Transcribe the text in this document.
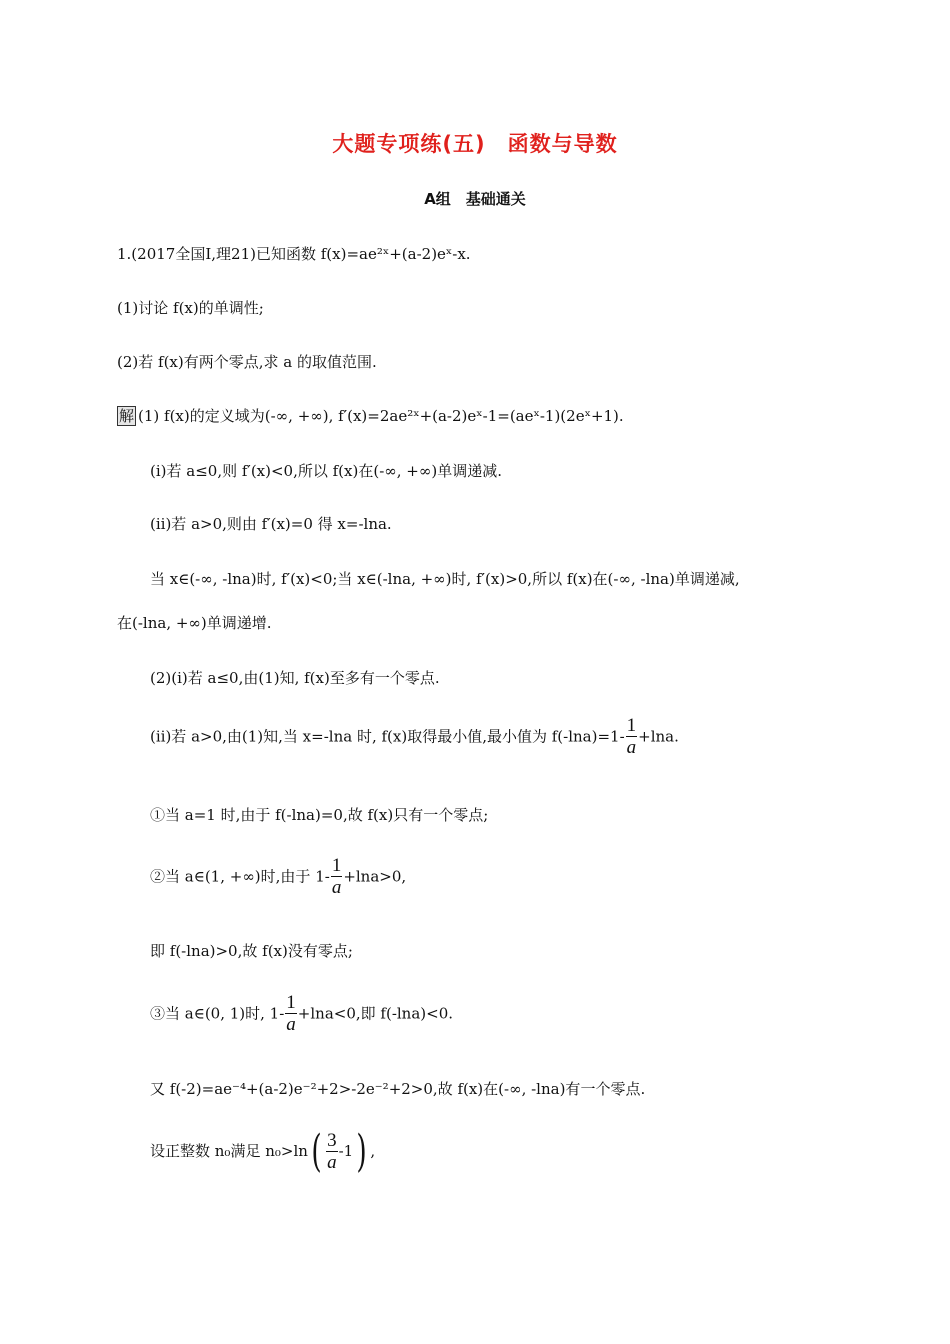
大题专项练(五)　函数与导数
A组　基础通关
1.(2017全国Ⅰ,理21)已知函数 f(x)=ae²ˣ+(a-2)eˣ-x.
(1)讨论 f(x)的单调性;
(2)若 f(x)有两个零点,求 a 的取值范围.
解 (1) f(x)的定义域为(-∞, +∞), f′(x)=2ae²ˣ+(a-2)eˣ-1=(aeˣ-1)(2eˣ+1).
(ⅰ)若 a≤0,则 f′(x)<0,所以 f(x)在(-∞, +∞)单调递减.
(ⅱ)若 a>0,则由 f′(x)=0 得 x=-lna.
当 x∈(-∞, -lna)时, f′(x)<0;当 x∈(-lna, +∞)时, f′(x)>0,所以 f(x)在(-∞, -lna)单调递减,
在(-lna, +∞)单调递增.
(2)(ⅰ)若 a≤0,由(1)知, f(x)至多有一个零点.
(ⅱ)若 a>0,由(1)知,当 x=-lna 时, f(x)取得最小值,最小值为 $f(-\ln a)=1- \frac{1}{a} +\ln a$.
①当 a=1 时,由于 f(-lna)=0,故 f(x)只有一个零点;
②当 a∈(1, +∞)时,由于 $1- \frac{1}{a} +\ln a>0$,
即 f(-lna)>0,故 f(x)没有零点;
③当 a∈(0, 1)时, $1- \frac{1}{a} +\ln a<0$,即 f(-lna)<0.
又 f(-2)=ae⁻⁴+(a-2)e⁻²+2>-2e⁻²+2>0,故 f(x)在(-∞, -lna)有一个零点.
设正整数 n₀满足 $n_0>\ln( \frac{3}{a} -1)$ ,
